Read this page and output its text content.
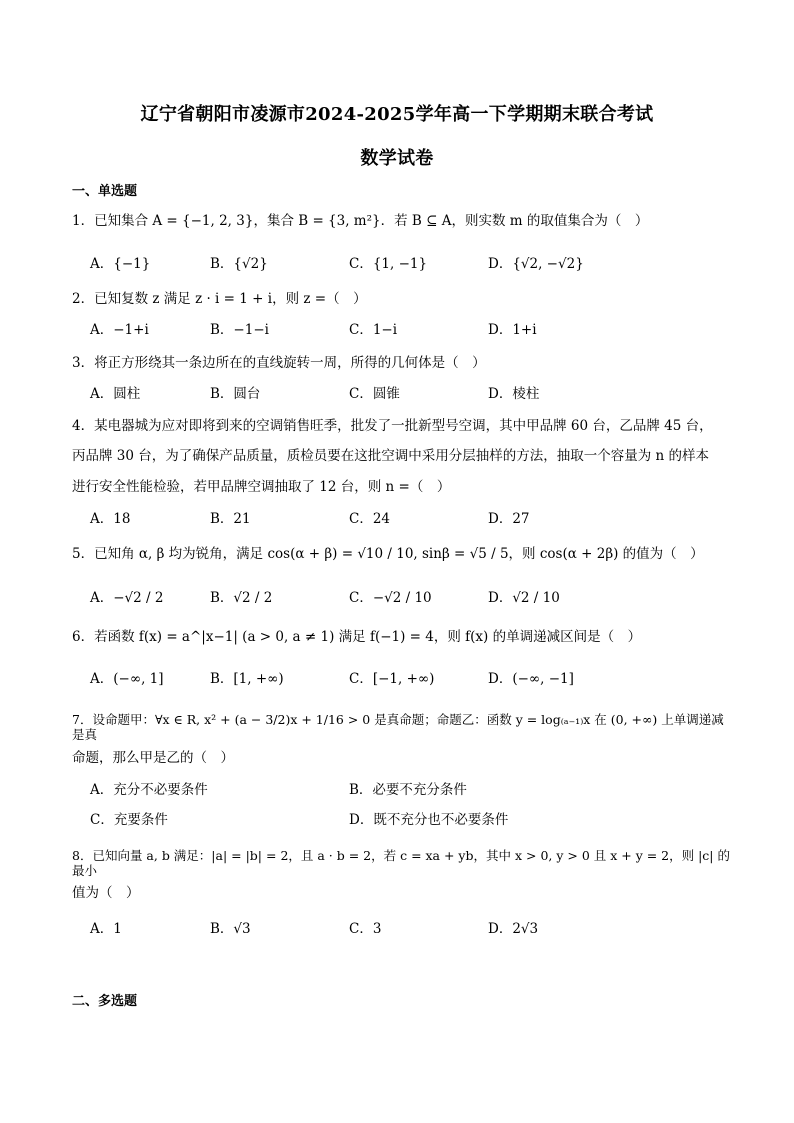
辽宁省朝阳市凌源市2024-2025学年高一下学期期末联合考试
数学试卷
一、单选题
1．已知集合 A = {−1, 2, 3}，集合 B = {3, m²}．若 B ⊆ A，则实数 m 的取值集合为（　）
A．{−1}	B．{√2}	C．{1, −1}	D．{√2, −√2}
2．已知复数 z 满足 z · i = 1 + i，则 z =（　）
A．−1+i	B．−1−i	C．1−i	D．1+i
3．将正方形绕其一条边所在的直线旋转一周，所得的几何体是（　）
A．圆柱	B．圆台	C．圆锥	D．棱柱
4．某电器城为应对即将到来的空调销售旺季，批发了一批新型号空调，其中甲品牌 60 台，乙品牌 45 台，
丙品牌 30 台，为了确保产品质量，质检员要在这批空调中采用分层抽样的方法，抽取一个容量为 n 的样本
进行安全性能检验，若甲品牌空调抽取了 12 台，则 n =（　）
A．18	B．21	C．24	D．27
5．已知角 α, β 均为锐角，满足 cos(α + β) = √10 / 10, sinβ = √5 / 5，则 cos(α + 2β) 的值为（　）
A．−√2 / 2	B．√2 / 2	C．−√2 / 10	D．√2 / 10
6．若函数 f(x) = a^|x−1| (a > 0, a ≠ 1) 满足 f(−1) = 4，则 f(x) 的单调递减区间是（　）
A．(−∞, 1]	B．[1, +∞)	C．[−1, +∞)	D．(−∞, −1]
7．设命题甲：∀x ∈ R, x² + (a − 3/2)x + 1/16 > 0 是真命题；命题乙：函数 y = log₍ₐ₋₁₎x 在 (0, +∞) 上单调递减是真
命题，那么甲是乙的（　）
A．充分不必要条件	B．必要不充分条件
C．充要条件	D．既不充分也不必要条件
8．已知向量 a, b 满足：|a| = |b| = 2，且 a · b = 2，若 c = xa + yb，其中 x > 0, y > 0 且 x + y = 2，则 |c| 的最小
值为（　）
A．1	B．√3	C．3	D．2√3
二、多选题
